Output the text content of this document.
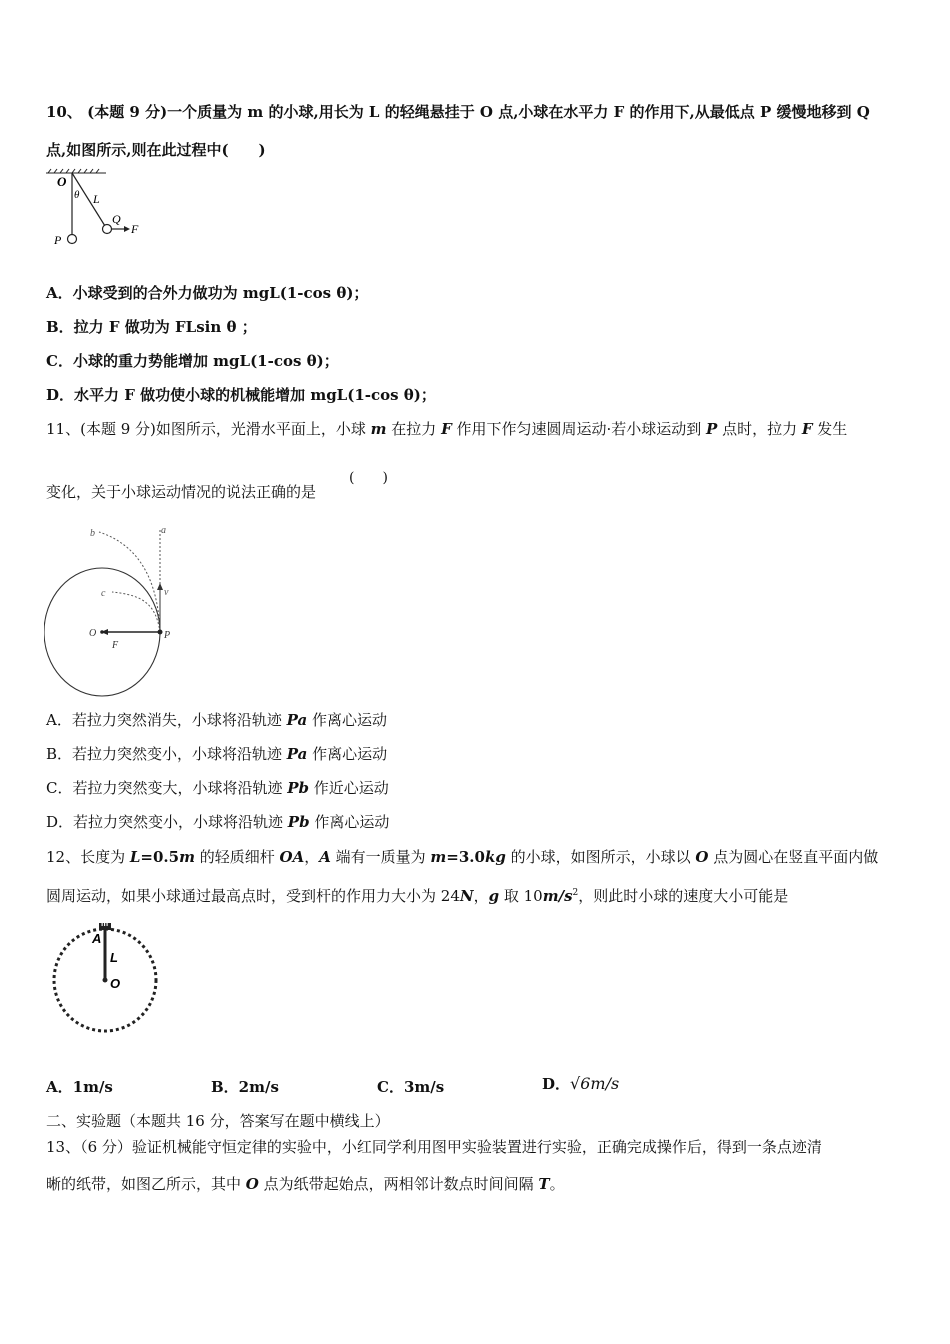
10、 (本题 9 分)一个质量为 m 的小球,用长为 L 的轻绳悬挂于 O 点,小球在水平力 F 的作用下,从最低点 P 缓慢地移到 Q
点,如图所示,则在此过程中(　　)
O
θ L
Q
F
P
A．小球受到的合外力做功为 mgL(1-cos θ)；
B．拉力 F 做功为 FLsin θ ；
C．小球的重力势能增加 mgL(1-cos θ)；
D．水平力 F 做功使小球的机械能增加 mgL(1-cos θ)；
11、(本题 9 分)如图所示，光滑水平面上，小球 m 在拉力 F 作用下作匀速圆周运动·若小球运动到 P 点时，拉力 F 发生
变化，关于小球运动情况的说法正确的是
(　　)
a
b
c	v
O
F
P
A．若拉力突然消失，小球将沿轨迹 Pa 作离心运动
B．若拉力突然变小，小球将沿轨迹 Pa 作离心运动
C．若拉力突然变大，小球将沿轨迹 Pb 作近心运动
D．若拉力突然变小，小球将沿轨迹 Pb 作离心运动
12、长度为 L=0.5m 的轻质细杆 OA，A 端有一质量为 m=3.0kg 的小球，如图所示，小球以 O 点为圆心在竖直平面内做
圆周运动，如果小球通过最高点时，受到杆的作用力大小为 24N，g 取 $10m/s^2$，则此时小球的速度大小可能是
m
A
L
O
A．1m/s	B．2m/s	C．3m/s	D．√6m/s
二、实验题（本题共 16 分，答案写在题中横线上）
13、（6 分）验证机械能守恒定律的实验中，小红同学利用图甲实验装置进行实验，正确完成操作后，得到一条点迹清
晰的纸带，如图乙所示，其中 O 点为纸带起始点，两相邻计数点时间间隔 T。
